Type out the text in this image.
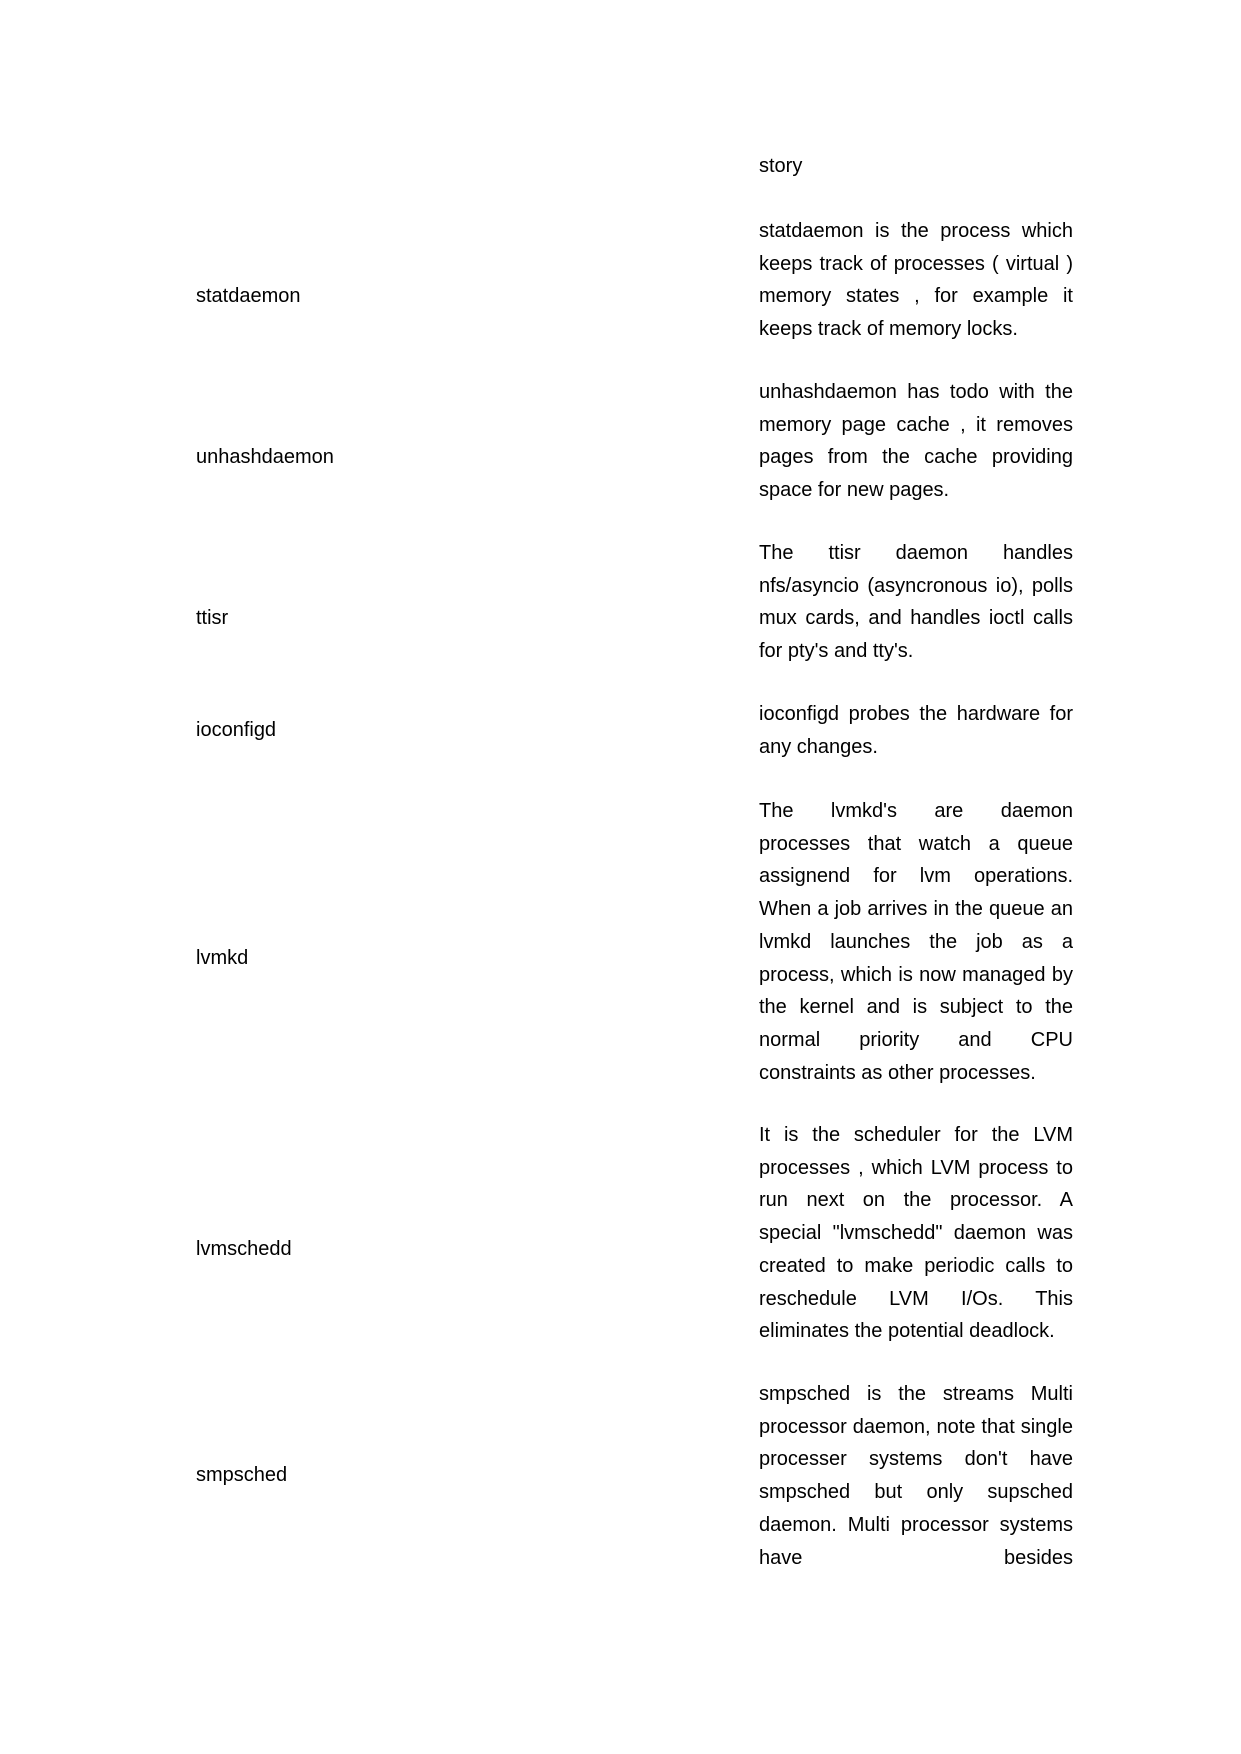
story
statdaemon
statdaemon is the process which keeps track of processes ( virtual ) memory states , for example it keeps track of memory locks.
unhashdaemon
unhashdaemon has todo with the memory page cache , it removes pages from the cache providing space for new pages.
ttisr
The ttisr daemon handles nfs/asyncio (asyncronous io), polls mux cards, and handles ioctl calls for pty's and tty's.
ioconfigd
ioconfigd probes the hardware for any changes.
lvmkd
The lvmkd's are daemon processes that watch a queue assignend for lvm operations. When a job arrives in the queue an lvmkd launches the job as a process, which is now managed by the kernel and is subject to the normal priority and CPU constraints as other processes.
lvmschedd
It is the scheduler for the LVM processes , which LVM process to run next on the processor. A special "lvmschedd" daemon was created to make periodic calls to reschedule LVM I/Os. This eliminates the potential deadlock.
smpsched
smpsched is the streams Multi processor daemon, note that single processer systems don't have smpsched but only supsched daemon. Multi processor systems have besides
